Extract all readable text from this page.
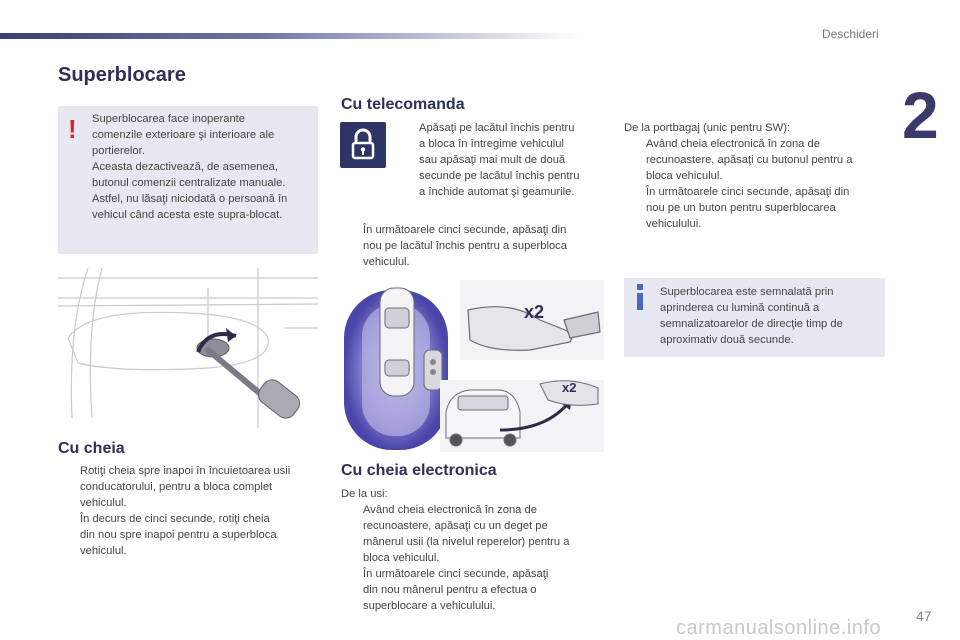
Deschideri
2
Superblocare
! Superblocarea face inoperante

comenzile exterioare şi interioare ale

portierelor.

Aceasta dezactivează, de asemenea,

butonul comenzii centralizate manuale.

Astfel, nu lăsaţi niciodată o persoană în

vehicul când acesta este supra-blocat.

Cu cheia

Rotiţi cheia spre inapoi în încuietoarea usii

conducatorului, pentru a bloca complet

vehiculul.

În decurs de cinci secunde, rotiţi cheia

din nou spre inapoi pentru a superbloca

vehiculul.

Cu telecomanda

Apăsaţi pe lacătul închis pentru

a bloca în întregime vehiculul

sau apăsaţi mai mult de două

secunde pe lacătul închis pentru

a închide automat şi geamurile.

În următoarele cinci secunde, apăsaţi din

nou pe lacătul închis pentru a superbloca

vehiculul.

x2
x2
Cu cheia electronica

De la usi:

Având cheia electronică în zona de

recunoastere, apăsaţi cu un deget pe

mânerul usii (la nivelul reperelor) pentru a

bloca vehiculul.

În următoarele cinci secunde, apăsaţi

din nou mânerul pentru a efectua o

superblocare a vehiculului.

De la portbagaj (unic pentru SW):

Având cheia electronică în zona de

recunoastere, apăsaţi cu butonul pentru a

bloca vehiculul.

În următoarele cinci secunde, apăsaţi din

nou pe un buton pentru superblocarea

vehiculului.

Superblocarea este semnalată prin

aprinderea cu lumină continuă a

semnalizatoarelor de direcţie timp de

aproximativ două secunde.

47
carmanualsonline.info
